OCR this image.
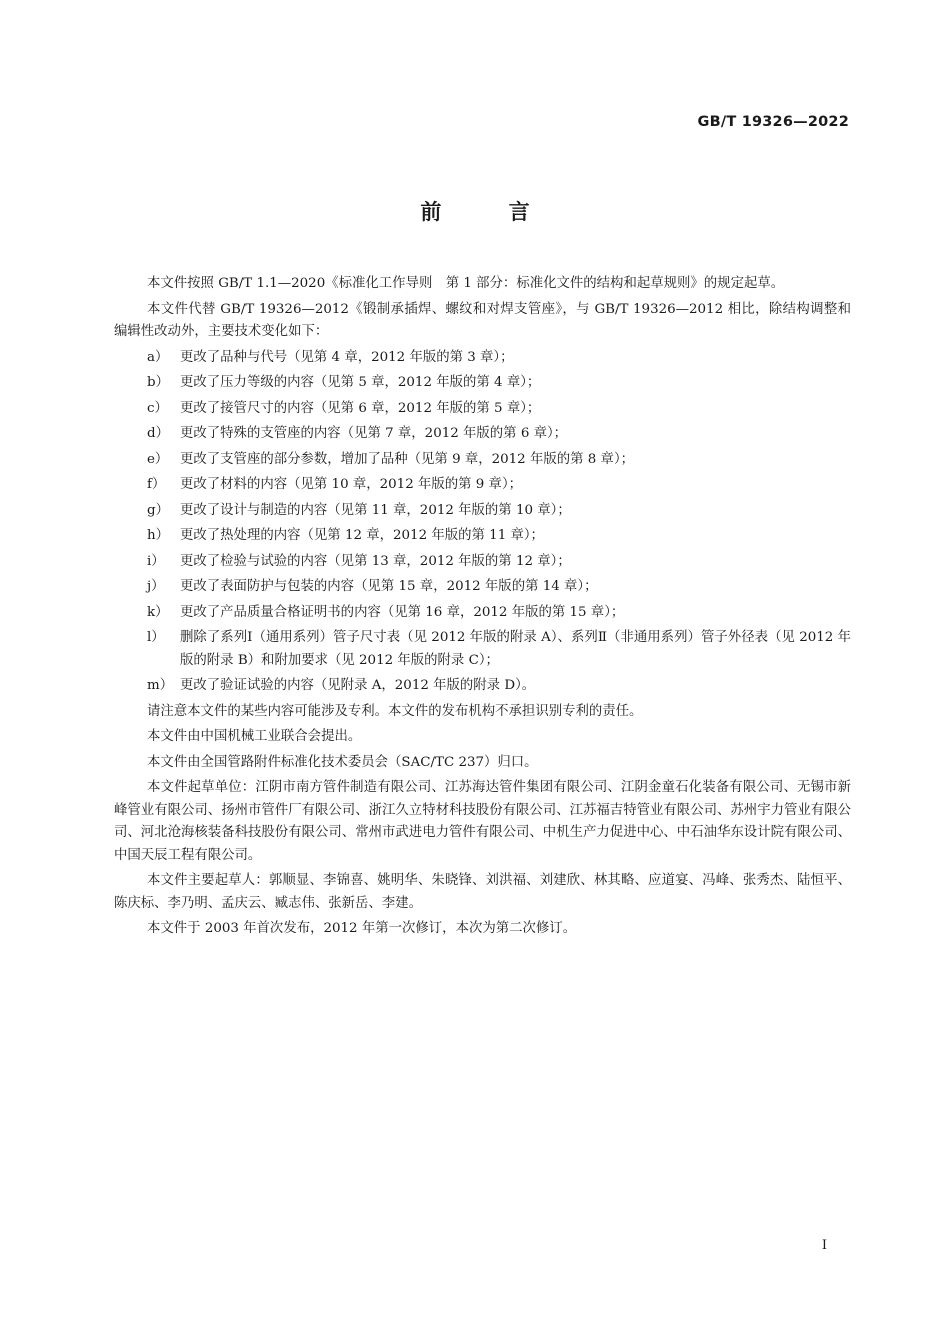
GB/T 19326—2022
前 言

本文件按照 GB/T 1.1—2020《标准化工作导则　第 1 部分：标准化文件的结构和起草规则》的规定起草。

本文件代替 GB/T 19326—2012《锻制承插焊、螺纹和对焊支管座》，与 GB/T 19326—2012 相比，除结构调整和编辑性改动外，主要技术变化如下：

a） 更改了品种与代号（见第 4 章，2012 年版的第 3 章）；
b） 更改了压力等级的内容（见第 5 章，2012 年版的第 4 章）；
c） 更改了接管尺寸的内容（见第 6 章，2012 年版的第 5 章）；
d） 更改了特殊的支管座的内容（见第 7 章，2012 年版的第 6 章）；
e） 更改了支管座的部分参数，增加了品种（见第 9 章，2012 年版的第 8 章）；
f）	更改了材料的内容（见第 10 章，2012 年版的第 9 章）；
g） 更改了设计与制造的内容（见第 11 章，2012 年版的第 10 章）；
h） 更改了热处理的内容（见第 12 章，2012 年版的第 11 章）；
i）	更改了检验与试验的内容（见第 13 章，2012 年版的第 12 章）；
j）	更改了表面防护与包装的内容（见第 15 章，2012 年版的第 14 章）；
k） 更改了产品质量合格证明书的内容（见第 16 章，2012 年版的第 15 章）；
l）	删除了系列Ⅰ（通用系列）管子尺寸表（见 2012 年版的附录 A）、系列Ⅱ（非通用系列）管子外径表（见 2012 年版的附录 B）和附加要求（见 2012 年版的附录 C）；
m） 更改了验证试验的内容（见附录 A，2012 年版的附录 D）。

请注意本文件的某些内容可能涉及专利。本文件的发布机构不承担识别专利的责任。

本文件由中国机械工业联合会提出。

本文件由全国管路附件标准化技术委员会（SAC/TC 237）归口。

本文件起草单位：江阴市南方管件制造有限公司、江苏海达管件集团有限公司、江阴金童石化装备有限公司、无锡市新峰管业有限公司、扬州市管件厂有限公司、浙江久立特材科技股份有限公司、江苏福吉特管业有限公司、苏州宇力管业有限公司、河北沧海核装备科技股份有限公司、常州市武进电力管件有限公司、中机生产力促进中心、中石油华东设计院有限公司、中国天辰工程有限公司。

本文件主要起草人：郭顺显、李锦喜、姚明华、朱晓锋、刘洪福、刘建欣、林其略、应道宴、冯峰、张秀杰、陆恒平、陈庆标、李乃明、孟庆云、臧志伟、张新岳、李建。

本文件于 2003 年首次发布，2012 年第一次修订，本次为第二次修订。

I
